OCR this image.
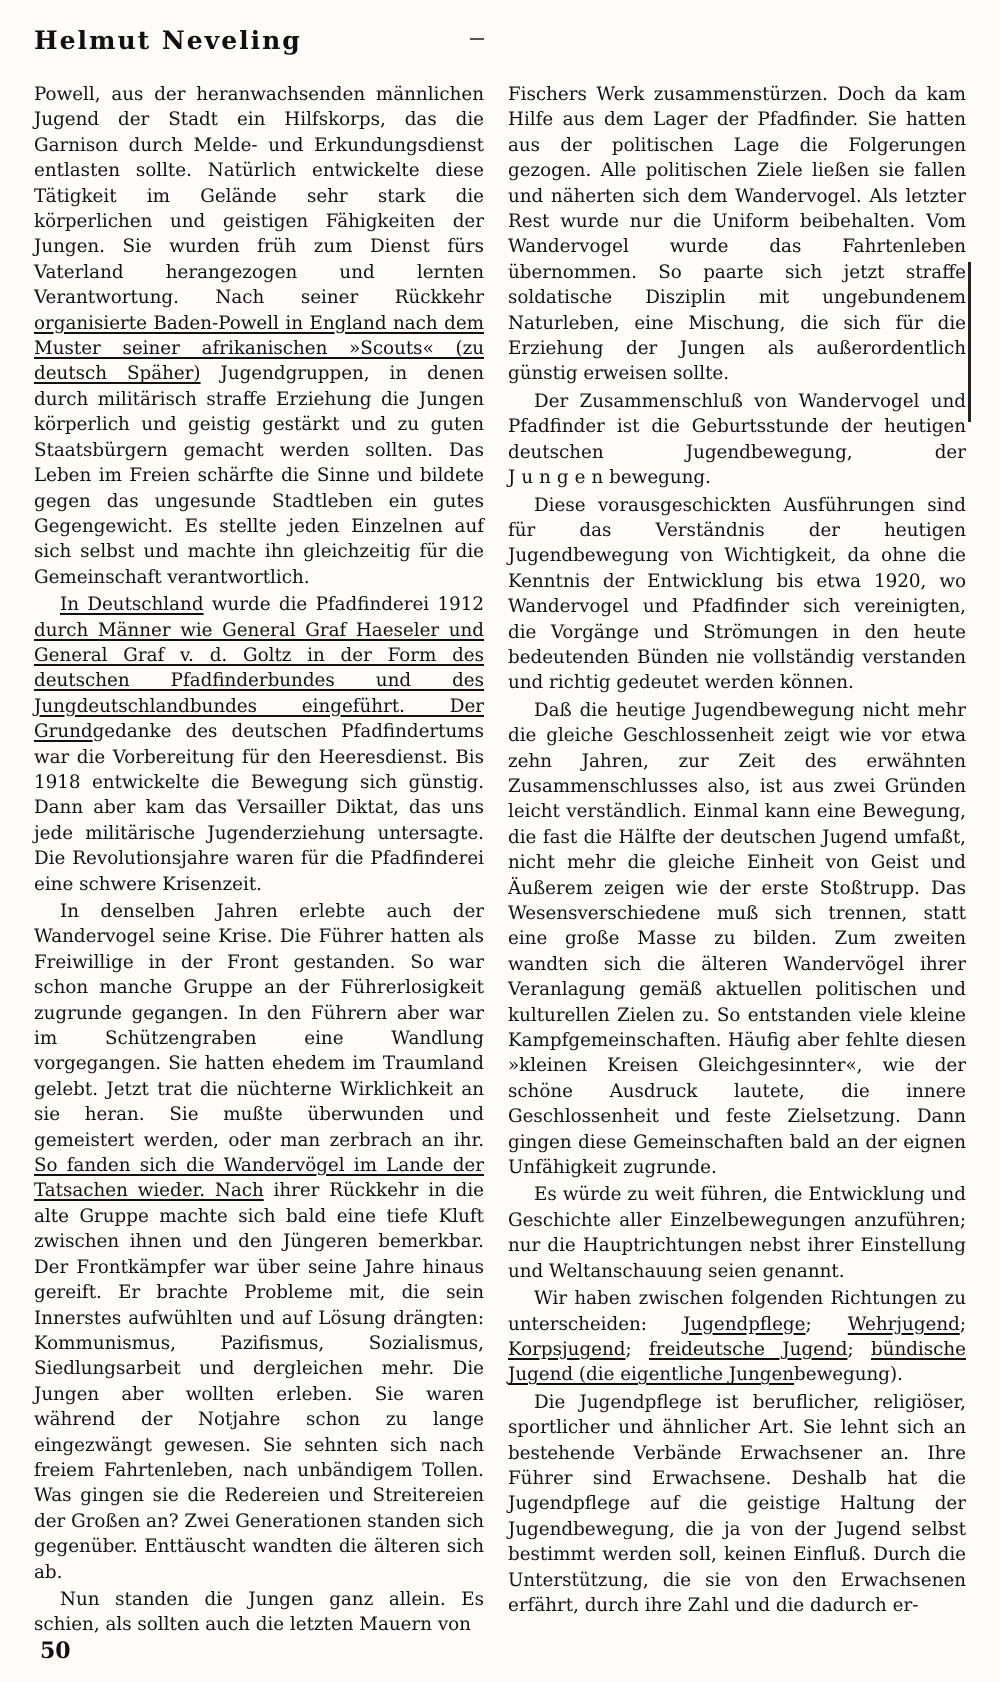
Helmut Neveling

Powell, aus der heranwachsenden männlichen Jugend der Stadt ein Hilfskorps, das die Garnison durch Melde- und Erkundungsdienst entlasten sollte. Natürlich entwickelte diese Tätigkeit im Gelände sehr stark die körperlichen und geistigen Fähigkeiten der Jungen. Sie wurden früh zum Dienst fürs Vaterland herangezogen und lernten Verantwortung. Nach seiner Rückkehr organisierte Baden-Powell in England nach dem Muster seiner afrikanischen »Scouts« (zu deutsch Späher) Jugendgruppen, in denen durch militärisch straffe Erziehung die Jungen körperlich und geistig gestärkt und zu guten Staatsbürgern gemacht werden sollten. Das Leben im Freien schärfte die Sinne und bildete gegen das ungesunde Stadtleben ein gutes Gegengewicht. Es stellte jeden Einzelnen auf sich selbst und machte ihn gleichzeitig für die Gemeinschaft verantwortlich.

In Deutschland wurde die Pfadfinderei 1912 durch Männer wie General Graf Haeseler und General Graf v. d. Goltz in der Form des deutschen Pfadfinderbundes und des Jungdeutschlandbundes eingeführt. Der Grundgedanke des deutschen Pfadfindertums war die Vorbereitung für den Heeresdienst. Bis 1918 entwickelte die Bewegung sich günstig. Dann aber kam das Versailler Diktat, das uns jede militärische Jugenderziehung untersagte. Die Revolutionsjahre waren für die Pfadfinderei eine schwere Krisenzeit.

In denselben Jahren erlebte auch der Wandervogel seine Krise. Die Führer hatten als Freiwillige in der Front gestanden. So war schon manche Gruppe an der Führerlosigkeit zugrunde gegangen. In den Führern aber war im Schützengraben eine Wandlung vorgegangen. Sie hatten ehedem im Traumland gelebt. Jetzt trat die nüchterne Wirklichkeit an sie heran. Sie mußte überwunden und gemeistert werden, oder man zerbrach an ihr. So fanden sich die Wandervögel im Lande der Tatsachen wieder. Nach ihrer Rückkehr in die alte Gruppe machte sich bald eine tiefe Kluft zwischen ihnen und den Jüngeren bemerkbar. Der Frontkämpfer war über seine Jahre hinaus gereift. Er brachte Probleme mit, die sein Innerstes aufwühlten und auf Lösung drängten: Kommunismus, Pazifismus, Sozialismus, Siedlungsarbeit und dergleichen mehr. Die Jungen aber wollten erleben. Sie waren während der Notjahre schon zu lange eingezwängt gewesen. Sie sehnten sich nach freiem Fahrtenleben, nach unbändigem Tollen. Was gingen sie die Redereien und Streitereien der Großen an? Zwei Generationen standen sich gegenüber. Enttäuscht wandten die älteren sich ab.

Nun standen die Jungen ganz allein. Es schien, als sollten auch die letzten Mauern von

Fischers Werk zusammenstürzen. Doch da kam Hilfe aus dem Lager der Pfadfinder. Sie hatten aus der politischen Lage die Folgerungen gezogen. Alle politischen Ziele ließen sie fallen und näherten sich dem Wandervogel. Als letzter Rest wurde nur die Uniform beibehalten. Vom Wandervogel wurde das Fahrtenleben übernommen. So paarte sich jetzt straffe soldatische Disziplin mit ungebundenem Naturleben, eine Mischung, die sich für die Erziehung der Jungen als außerordentlich günstig erweisen sollte.

Der Zusammenschluß von Wandervogel und Pfadfinder ist die Geburtsstunde der heutigen deutschen Jugendbewegung, der Jungenbewegung.

Diese vorausgeschickten Ausführungen sind für das Verständnis der heutigen Jugendbewegung von Wichtigkeit, da ohne die Kenntnis der Entwicklung bis etwa 1920, wo Wandervogel und Pfadfinder sich vereinigten, die Vorgänge und Strömungen in den heute bedeutenden Bünden nie vollständig verstanden und richtig gedeutet werden können.

Daß die heutige Jugendbewegung nicht mehr die gleiche Geschlossenheit zeigt wie vor etwa zehn Jahren, zur Zeit des erwähnten Zusammenschlusses also, ist aus zwei Gründen leicht verständlich. Einmal kann eine Bewegung, die fast die Hälfte der deutschen Jugend umfaßt, nicht mehr die gleiche Einheit von Geist und Äußerem zeigen wie der erste Stoßtrupp. Das Wesensverschiedene muß sich trennen, statt eine große Masse zu bilden. Zum zweiten wandten sich die älteren Wandervögel ihrer Veranlagung gemäß aktuellen politischen und kulturellen Zielen zu. So entstanden viele kleine Kampfgemeinschaften. Häufig aber fehlte diesen »kleinen Kreisen Gleichgesinnter«, wie der schöne Ausdruck lautete, die innere Geschlossenheit und feste Zielsetzung. Dann gingen diese Gemeinschaften bald an der eignen Unfähigkeit zugrunde.

Es würde zu weit führen, die Entwicklung und Geschichte aller Einzelbewegungen anzuführen; nur die Hauptrichtungen nebst ihrer Einstellung und Weltanschauung seien genannt.

Wir haben zwischen folgenden Richtungen zu unterscheiden: Jugendpflege; Wehrjugend; Korpsjugend; freideutsche Jugend; bündische Jugend (die eigentliche Jungenbewegung).

Die Jugendpflege ist beruflicher, religiöser, sportlicher und ähnlicher Art. Sie lehnt sich an bestehende Verbände Erwachsener an. Ihre Führer sind Erwachsene. Deshalb hat die Jugendpflege auf die geistige Haltung der Jugendbewegung, die ja von der Jugend selbst bestimmt werden soll, keinen Einfluß. Durch die Unterstützung, die sie von den Erwachsenen erfährt, durch ihre Zahl und die dadurch er-

50
